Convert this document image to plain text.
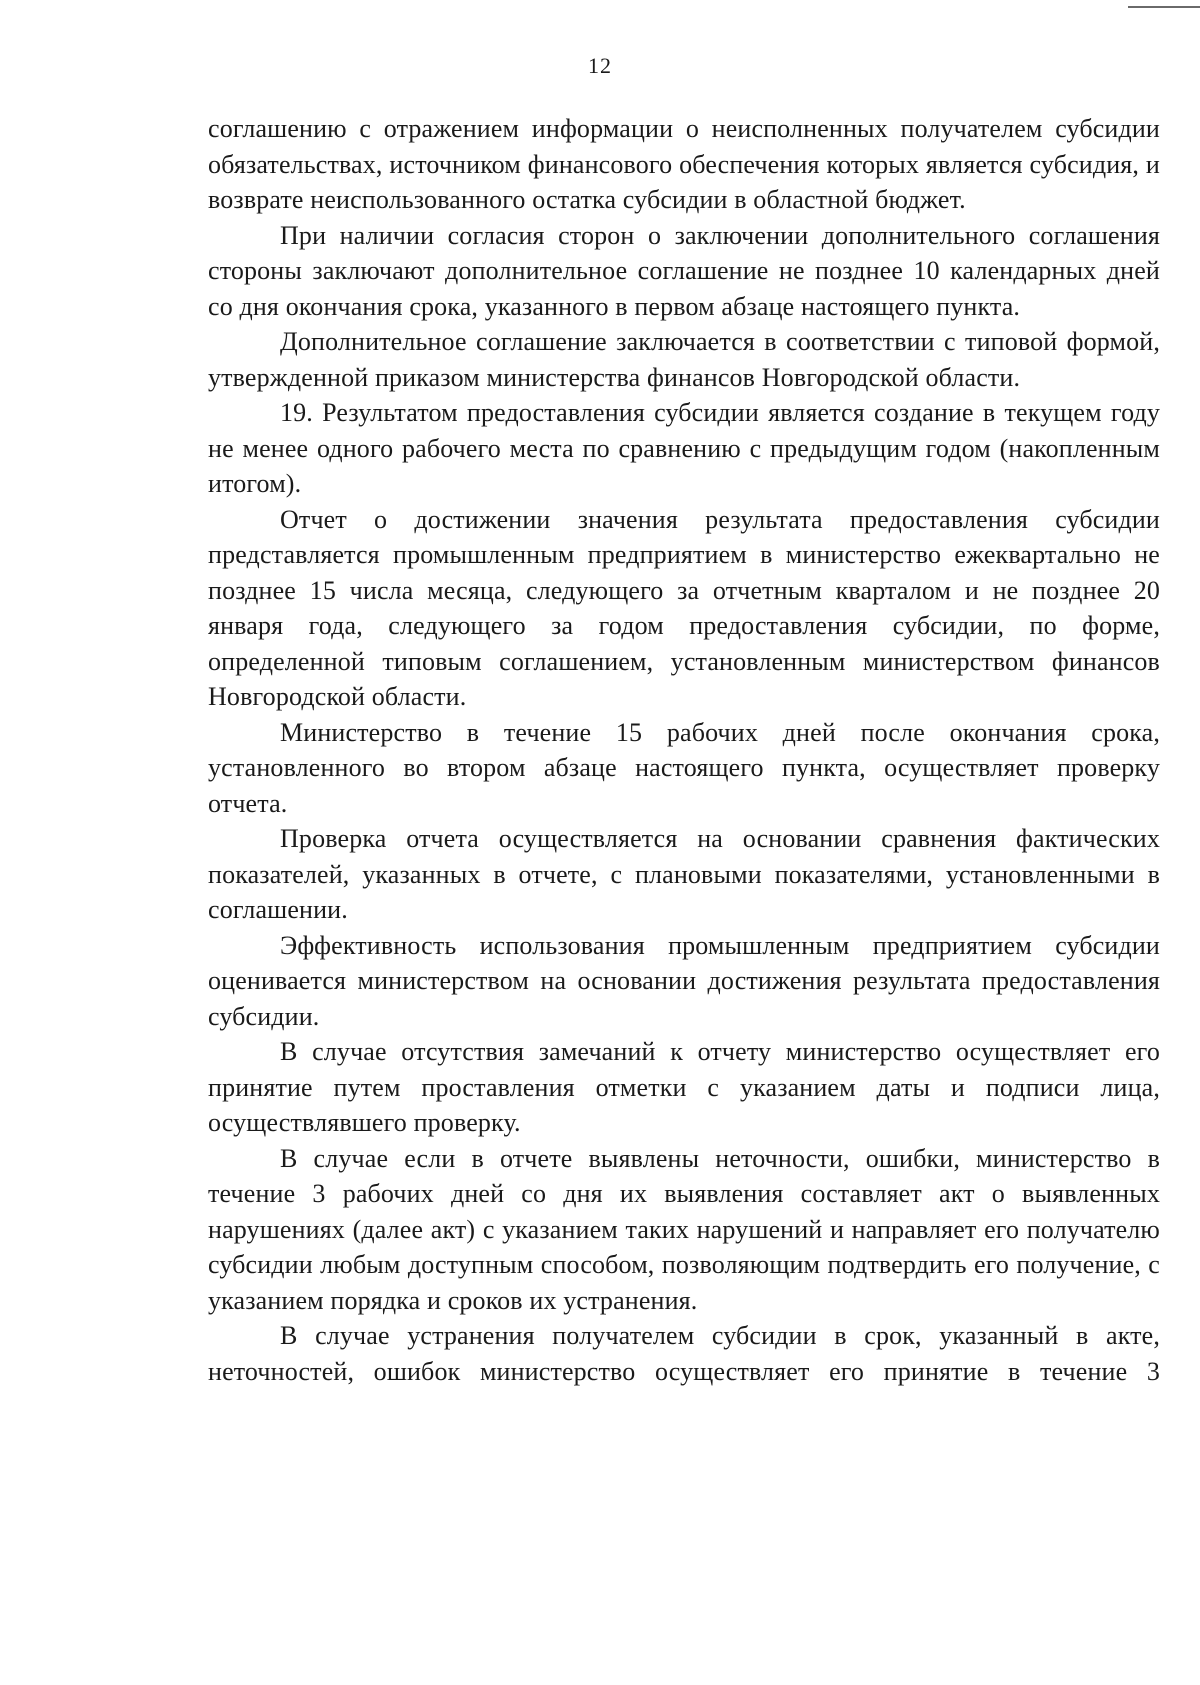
12

соглашению с отражением информации о неисполненных получателем субсидии обязательствах, источником финансового обеспечения которых является субсидия, и возврате неиспользованного остатка субсидии в областной бюджет.

При наличии согласия сторон о заключении дополнительного соглашения стороны заключают дополнительное соглашение не позднее 10 календарных дней со дня окончания срока, указанного в первом абзаце настоящего пункта.

Дополнительное соглашение заключается в соответствии с типовой формой, утвержденной приказом министерства финансов Новгородской области.

19. Результатом предоставления субсидии является создание в текущем году не менее одного рабочего места по сравнению с предыдущим годом (накопленным итогом).

Отчет о достижении значения результата предоставления субсидии представляется промышленным предприятием в министерство ежеквартально не позднее 15 числа месяца, следующего за отчетным кварталом и не позднее 20 января года, следующего за годом предоставления субсидии, по форме, определенной типовым соглашением, установленным министерством финансов Новгородской области.

Министерство в течение 15 рабочих дней после окончания срока, установленного во втором абзаце настоящего пункта, осуществляет проверку отчета.

Проверка отчета осуществляется на основании сравнения фактических показателей, указанных в отчете, с плановыми показателями, установленными в соглашении.

Эффективность использования промышленным предприятием субсидии оценивается министерством на основании достижения результата предоставления субсидии.

В случае отсутствия замечаний к отчету министерство осуществляет его принятие путем проставления отметки с указанием даты и подписи лица, осуществлявшего проверку.

В случае если в отчете выявлены неточности, ошибки, министерство в течение 3 рабочих дней со дня их выявления составляет акт о выявленных нарушениях (далее акт) с указанием таких нарушений и направляет его получателю субсидии любым доступным способом, позволяющим подтвердить его получение, с указанием порядка и сроков их устранения.

В случае устранения получателем субсидии в срок, указанный в акте, неточностей, ошибок министерство осуществляет его принятие в течение 3
